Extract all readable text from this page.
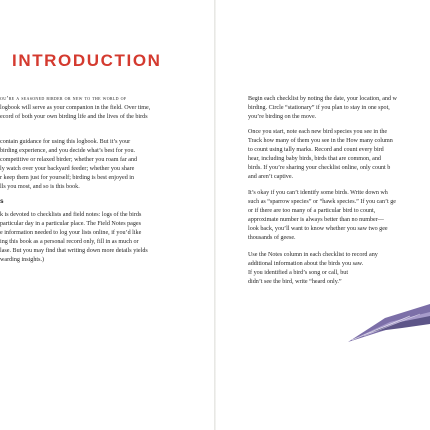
INTRODUCTION
ou’re a seasoned birder or new to the world of
logbook will serve as your companion in the field. Over time,
ecord of both your own birding life and the lives of the birds
contain guidance for using this logbook. But it’s your
birding experience, and you decide what’s best for you.
competitive or relaxed birder; whether you roam far and
ly watch over your backyard feeder; whether you share
r keep them just for yourself; birding is best enjoyed in
lls you most, and so is this book.
s
k is devoted to checklists and field notes: logs of the birds
particular day in a particular place. The Field Notes pages
e information needed to log your lists online, if you’d like
ing this book as a personal record only, fill in as much or
lase. But you may find that writing down more details yields
warding insights.)
Begin each checklist by noting the date, your location, and w
birding. Circle “stationary” if you plan to stay in one spot,
you’re birding on the move.
Once you start, note each new bird species you see in the
Track how many of them you see in the How many column
to count using tally marks. Record and count every bird
hear, including baby birds, birds that are common, and
birds. If you’re sharing your checklist online, only count b
and aren’t captive.
It’s okay if you can’t identify some birds. Write down wh
such as “sparrow species” or “hawk species.” If you can’t ge
or if there are too many of a particular bird to count,
approximate number is always better than no number—
look back, you’ll want to know whether you saw two gee
thousands of geese.
Use the Notes column in each checklist to record any
additional information about the birds you saw.
If you identified a bird’s song or call, but
didn’t see the bird, write “heard only.”
